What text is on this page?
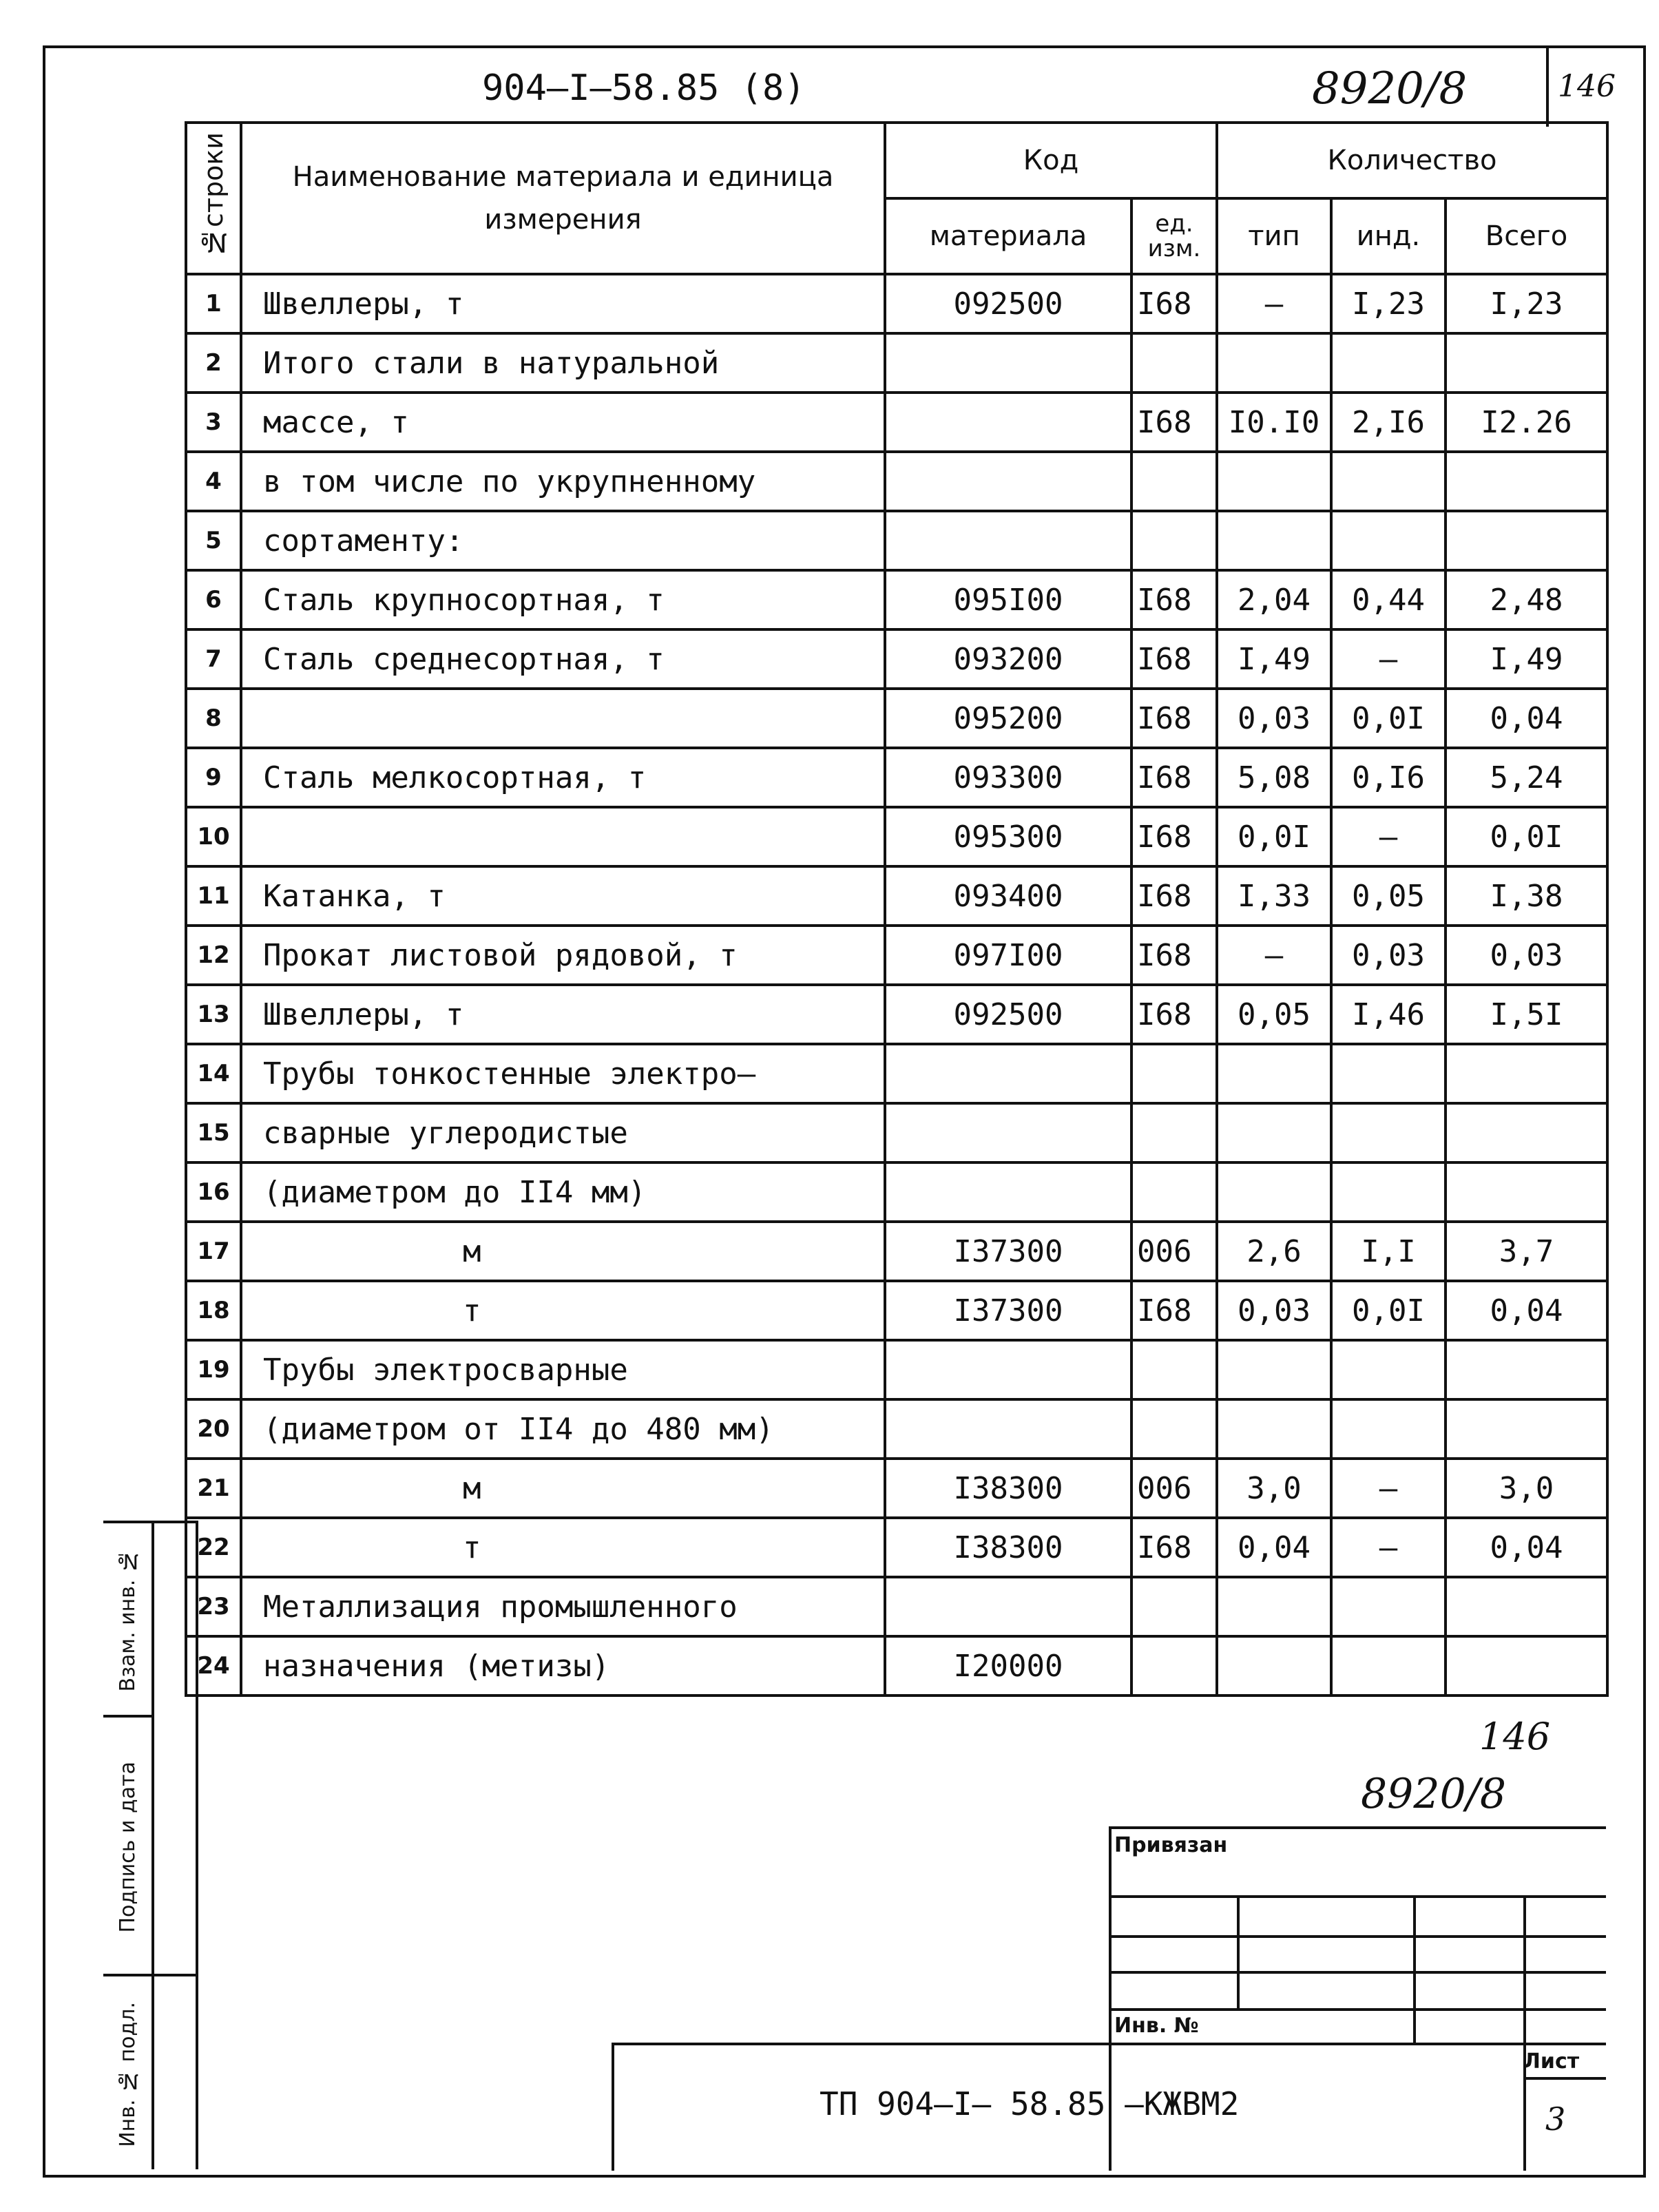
904–I–58.85 (8)	8920/8	146
№строки	Наименование материала и единица измерения	Код		Количество		
		материала	ед. изм.	тип	инд.	Всего
1	Швеллеры, т	092500	I68	–	I,23	I,23
2	Итого стали в натуральной					
3	массе, т		I68	I0.I0	2,I6	I2.26
4	в том числе по укрупненному					
5	сортаменту:					
6	Сталь крупносортная, т	095I00	I68	2,04	0,44	2,48
7	Сталь среднесортная, т	093200	I68	I,49	–	I,49
8		095200	I68	0,03	0,0I	0,04
9	Сталь мелкосортная, т	093300	I68	5,08	0,I6	5,24
10		095300	I68	0,0I	–	0,0I
11	Катанка, т	093400	I68	I,33	0,05	I,38
12	Прокат листовой рядовой, т	097I00	I68	–	0,03	0,03
13	Швеллеры, т	092500	I68	0,05	I,46	I,5I
14	Трубы тонкостенные электро–					
15	сварные углеродистые					
16	(диаметром до II4 мм)					
17	м	I37300	006	2,6	I,I	3,7
18	т	I37300	I68	0,03	0,0I	0,04
19	Трубы электросварные					
20	(диаметром от II4 до 480 мм)					
21	м	I38300	006	3,0	–	3,0
22	т	I38300	I68	0,04	–	0,04
23	Металлизация промышленного					
24	назначения (метизы)	I20000				
Взам. инв. №
Подпись и дата
Инв. № подл.
146
8920/8
Привязан
Инв. №
ТП 904–I– 58.85 –КЖВМ2
Лист
3
